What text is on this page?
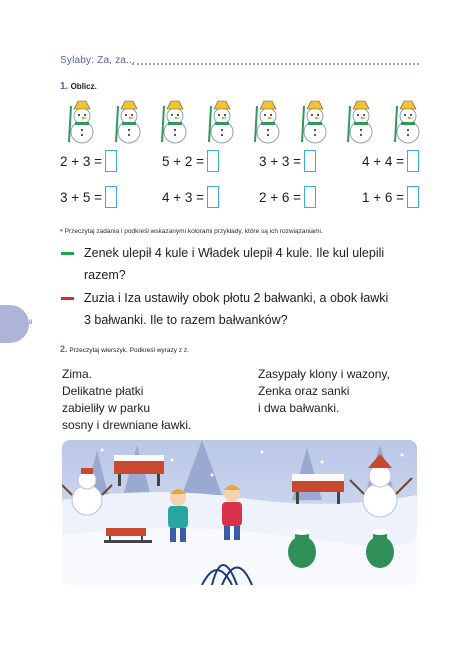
Sylaby: Za, za...
1. Oblicz.
2 + 3 =	5 + 2 =	3 + 3 =	4 + 4 =
3 + 5 =	4 + 3 =	2 + 6 =	1 + 6 =
• Przeczytaj zadania i podkreśl wskazanymi kolorami przykłady, które są ich rozwiązaniami.
Zenek ulepił 4 kule i Władek ulepił 4 kule. Ile kul ulepili
razem?
Zuzia i Iza ustawiły obok płotu 2 bałwanki, a obok ławki
3 bałwanki. Ile to razem bałwanków?
8
2. Przeczytaj wierszyk. Podkreśl wyrazy z z.
Zima.
Delikatne płatki
zabieliły w parku
sosny i drewniane ławki.
Zasypały klony i wazony,
Zenka oraz sanki
i dwa bałwanki.
